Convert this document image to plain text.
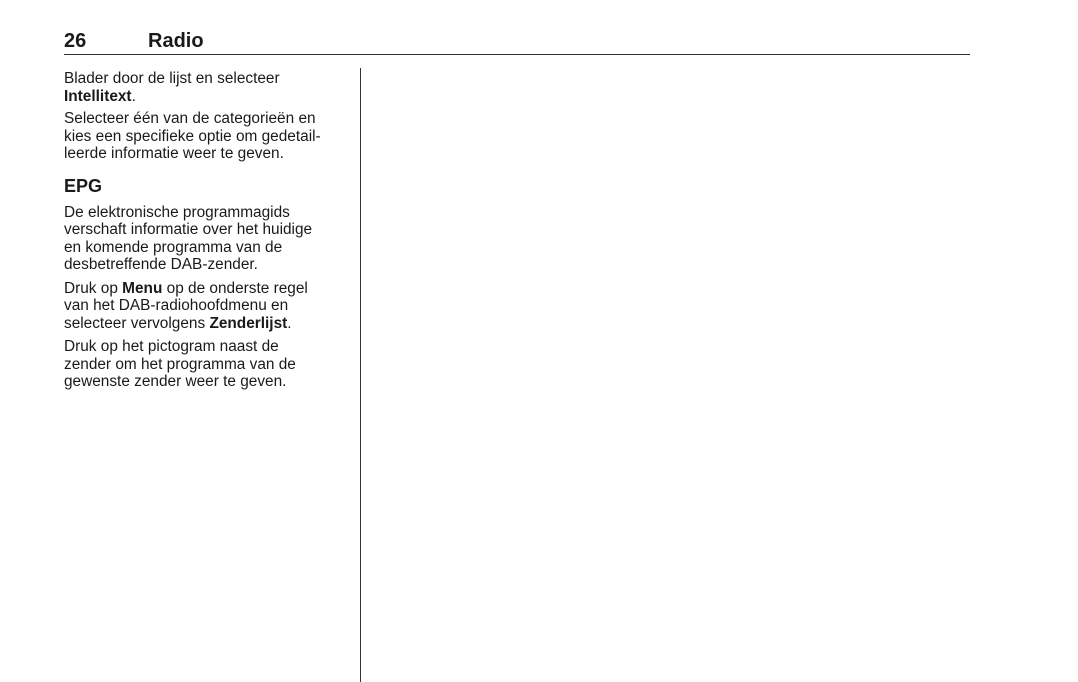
26	Radio

Blader door de lijst en selecteer
Intellitext.

Selecteer één van de categorieën en
kies een specifieke optie om gedetail-
leerde informatie weer te geven.

EPG

De elektronische programmagids
verschaft informatie over het huidige
en komende programma van de
desbetreffende DAB-zender.

Druk op Menu op de onderste regel
van het DAB-radiohoofdmenu en
selecteer vervolgens Zenderlijst.

Druk op het pictogram naast de
zender om het programma van de
gewenste zender weer te geven.
